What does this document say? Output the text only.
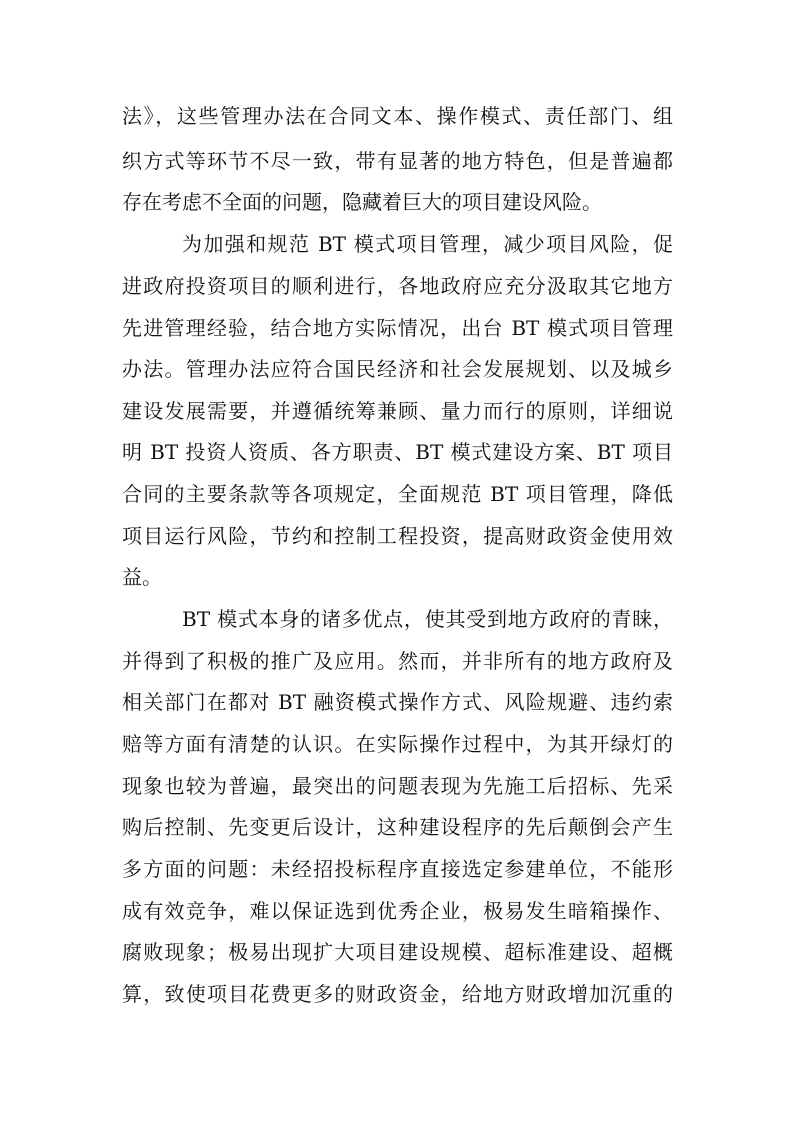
法》，这些管理办法在合同文本、操作模式、责任部门、组
织方式等环节不尽一致，带有显著的地方特色，但是普遍都
存在考虑不全面的问题，隐藏着巨大的项目建设风险。
为加强和规范 BT 模式项目管理，减少项目风险，促
进政府投资项目的顺利进行，各地政府应充分汲取其它地方
先进管理经验，结合地方实际情况，出台 BT 模式项目管理
办法。管理办法应符合国民经济和社会发展规划、以及城乡
建设发展需要，并遵循统筹兼顾、量力而行的原则，详细说
明 BT 投资人资质、各方职责、BT 模式建设方案、BT 项目
合同的主要条款等各项规定，全面规范 BT 项目管理，降低
项目运行风险，节约和控制工程投资，提高财政资金使用效
益。
BT 模式本身的诸多优点，使其受到地方政府的青睐，
并得到了积极的推广及应用。然而，并非所有的地方政府及
相关部门在都对 BT 融资模式操作方式、风险规避、违约索
赔等方面有清楚的认识。在实际操作过程中，为其开绿灯的
现象也较为普遍，最突出的问题表现为先施工后招标、先采
购后控制、先变更后设计，这种建设程序的先后颠倒会产生
多方面的问题：未经招投标程序直接选定参建单位，不能形
成有效竞争，难以保证选到优秀企业，极易发生暗箱操作、
腐败现象；极易出现扩大项目建设规模、超标准建设、超概
算，致使项目花费更多的财政资金，给地方财政增加沉重的
